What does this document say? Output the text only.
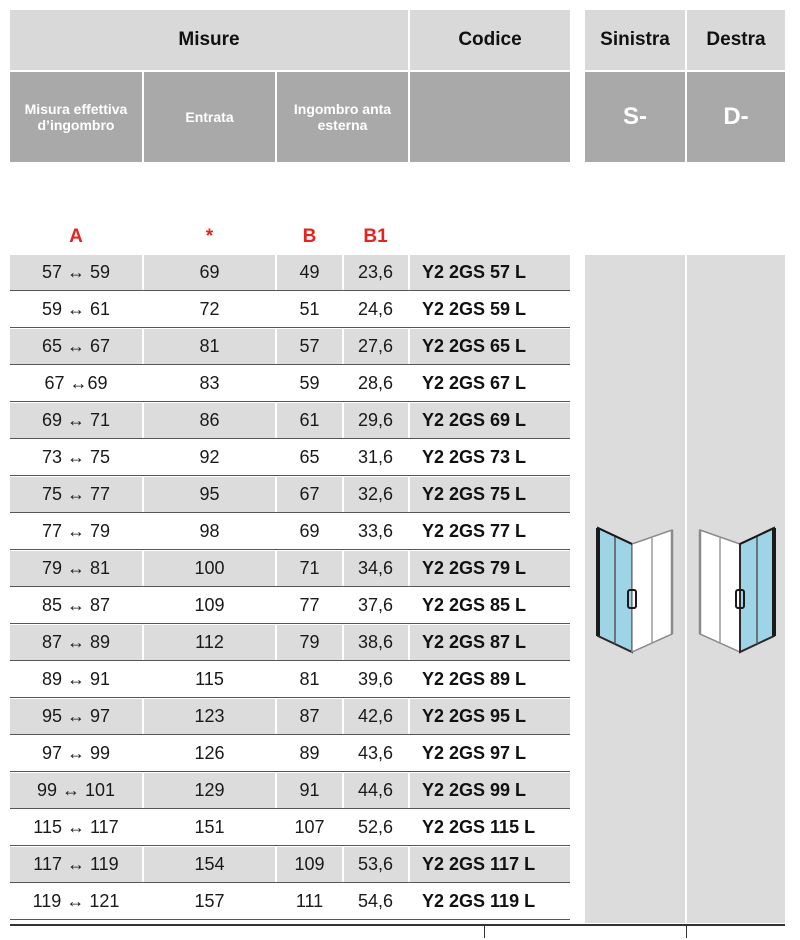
Misure	Codice	Sinistra	Destra
Misura effettiva d’ingombro	Entrata	Ingombro anta esterna	S-	D-
A	*	B	B1
57 ↔ 59	69	49	23,6	Y2 2GS 57 L
59 ↔ 61	72	51	24,6	Y2 2GS 59 L
65 ↔ 67	81	57	27,6	Y2 2GS 65 L
67 ↔69	83	59	28,6	Y2 2GS 67 L
69 ↔ 71	86	61	29,6	Y2 2GS 69 L
73 ↔ 75	92	65	31,6	Y2 2GS 73 L
75 ↔ 77	95	67	32,6	Y2 2GS 75 L
77 ↔ 79	98	69	33,6	Y2 2GS 77 L
79 ↔ 81	100	71	34,6	Y2 2GS 79 L
85 ↔ 87	109	77	37,6	Y2 2GS 85 L
87 ↔ 89	112	79	38,6	Y2 2GS 87 L
89 ↔ 91	115	81	39,6	Y2 2GS 89 L
95 ↔ 97	123	87	42,6	Y2 2GS 95 L
97 ↔ 99	126	89	43,6	Y2 2GS 97 L
99 ↔ 101	129	91	44,6	Y2 2GS 99 L
115 ↔ 117	151	107	52,6	Y2 2GS 115 L
117 ↔ 119	154	109	53,6	Y2 2GS 117 L
119 ↔ 121	157	111	54,6	Y2 2GS 119 L
